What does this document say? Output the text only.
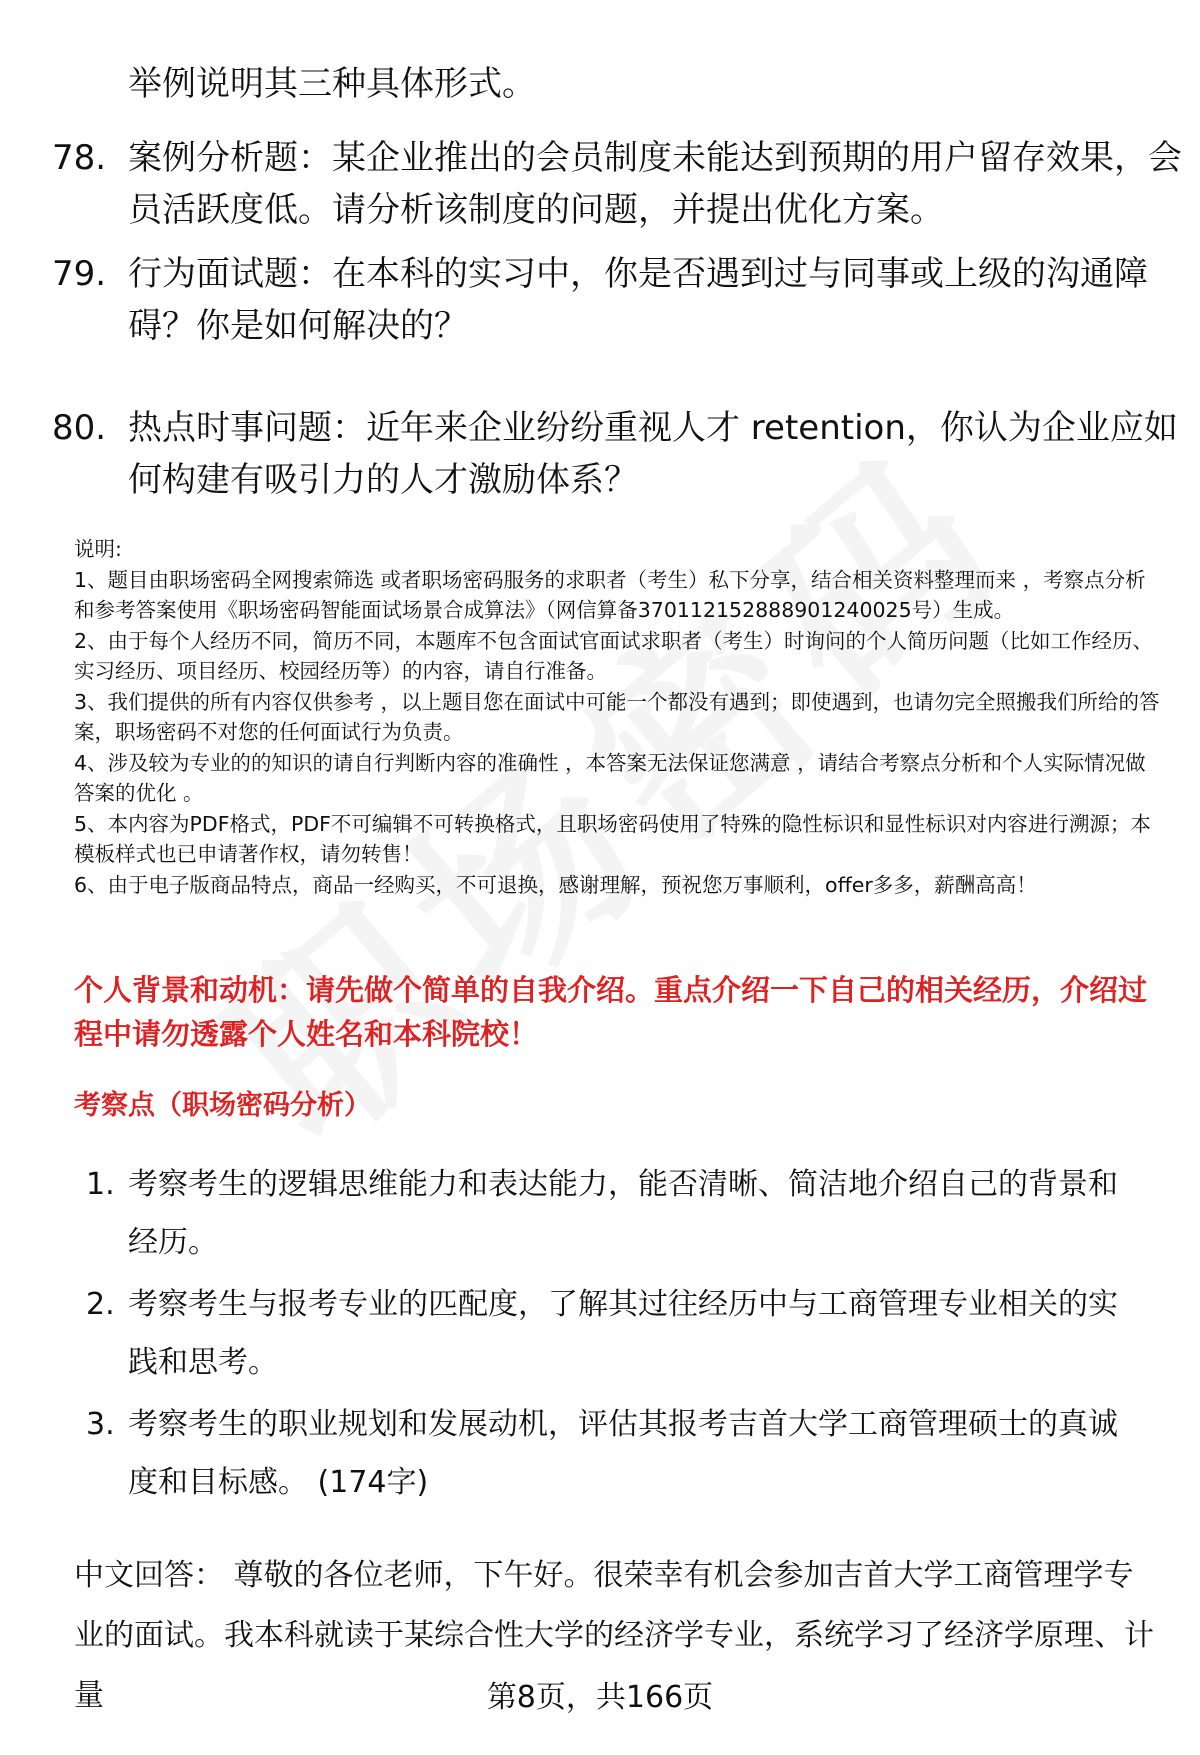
举例说明其三种具体形式。
78. 案例分析题：某企业推出的会员制度未能达到预期的用户留存效果，会员活跃度低。请分析该制度的问题，并提出优化方案。
79. 行为面试题：在本科的实习中，你是否遇到过与同事或上级的沟通障碍？你是如何解决的？
80. 热点时事问题：近年来企业纷纷重视人才 retention，你认为企业应如何构建有吸引力的人才激励体系？
说明:
1、题目由职场密码全网搜索筛选 或者职场密码服务的求职者（考生）私下分享，结合相关资料整理而来 ，考察点分析和参考答案使用《职场密码智能面试场景合成算法》（网信算备370112152888901240025号）生成。
2、由于每个人经历不同，简历不同，本题库不包含面试官面试求职者（考生）时询问的个人简历问题（比如工作经历、实习经历、项目经历、校园经历等）的内容，请自行准备。
3、我们提供的所有内容仅供参考 ，以上题目您在面试中可能一个都没有遇到；即使遇到，也请勿完全照搬我们所给的答案，职场密码不对您的任何面试行为负责。
4、涉及较为专业的的知识的请自行判断内容的准确性 ，本答案无法保证您满意 ，请结合考察点分析和个人实际情况做答案的优化 。
5、本内容为PDF格式，PDF不可编辑不可转换格式，且职场密码使用了特殊的隐性标识和显性标识对内容进行溯源；本模板样式也已申请著作权，请勿转售！
6、由于电子版商品特点，商品一经购买，不可退换，感谢理解，预祝您万事顺利，offer多多，薪酬高高！
个人背景和动机：请先做个简单的自我介绍。重点介绍一下自己的相关经历，介绍过程中请勿透露个人姓名和本科院校！
考察点（职场密码分析）
1. 考察考生的逻辑思维能力和表达能力，能否清晰、简洁地介绍自己的背景和经历。
2. 考察考生与报考专业的匹配度，了解其过往经历中与工商管理专业相关的实践和思考。
3. 考察考生的职业规划和发展动机，评估其报考吉首大学工商管理硕士的真诚度和目标感。 (174字)
中文回答： 尊敬的各位老师，下午好。很荣幸有机会参加吉首大学工商管理学专业的面试。我本科就读于某综合性大学的经济学专业，系统学习了经济学原理、计量	第8页，共166页
